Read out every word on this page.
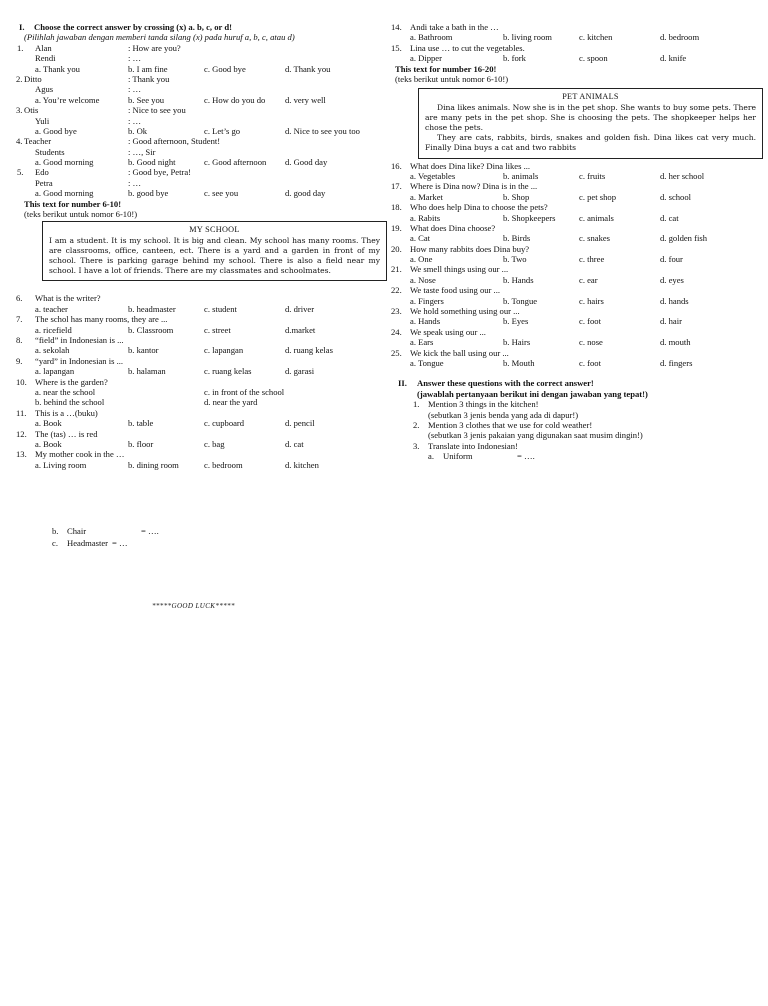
I. Choose the correct answer by crossing (x) a. b, c, or d!
(Pilihlah jawaban dengan memberi tanda silang (x) pada huruf a, b, c, atau d)
1. Alan	: How are you?
Rendi	: …
a. Thank you	b. I am fine	c. Good bye	d. Thank you
2. Ditto	: Thank you
Agus	: …
a. You’re welcome	b. See you	c. How do you do d. very well
3. Otis	: Nice to see you
Yuli	: …
a. Good bye	b. Ok	c. Let’s go	d. Nice to see you too
4. Teacher	: Good afternoon, Student!
Students	: …, Sir
a. Good morning	b. Good night	c. Good afternoon d. Good day
5. Edo	: Good bye, Petra!
Petra	: …
a. Good morning	b. good bye	c. see you	d. good day
This text for number 6-10!
(teks berikut untuk nomor 6-10!)
MY SCHOOL
I am a student. It is my school. It is big and clean. My school has many rooms. They are classrooms, office, canteen, ect. There is a yard and a garden in front of my school. There is parking garage behind my school. There is also a field near my school. I have a lot of friends. There are my classmates and schoolmates.
6. What is the writer?
a. teacher	b. headmaster	c. student	d. driver
7. The schol has many rooms, they are ...
a. ricefield	b. Classroom	c. street	d.market
8. “field” in Indonesian is ...
a. sekolah	b. kantor	c. lapangan	d. ruang kelas
9. “yard” in Indonesian is ...
a. lapangan	b. halaman	c. ruang kelas	d. garasi
10. Where is the garden?
a. near the school	c. in front of the school
b. behind the school	d. near the yard
11. This is a …(buku)
a. Book	b. table	c. cupboard	d. pencil
12. The (tas) … is red
a. Book	b. floor	c. bag	d. cat
13. My mother cook in the …
a. Living room	b. dining room	c. bedroom	d. kitchen
14. Andi take a bath in the …
a. Bathroom	b. living room	c. kitchen	d. bedroom
15. Lina use … to cut the vegetables.
a. Dipper	b. fork	c. spoon	d. knife
This text for number 16-20!
(teks berikut untuk nomor 6-10!)
PET ANIMALS
Dina likes animals. Now she is in the pet shop. She wants to buy some pets. There are many pets in the pet shop. She is choosing the pets. The shopkeeper helps her chose the pets.
They are cats, rabbits, birds, snakes and golden fish. Dina likes cat very much. Finally Dina buys a cat and two rabbits
16. What does Dina like? Dina likes ...
a. Vegetables	b. animals	c. fruits	d. her school
17. Where is Dina now? Dina is in the ...
a. Market	b. Shop	c. pet shop	d. school
18. Who does help Dina to choose the pets?
a. Rabits	b. Shopkeepers	c. animals	d. cat
19. What does Dina choose?
a. Cat	b. Birds	c. snakes	d. golden fish
20. How many rabbits does Dina buy?
a. One	b. Two	c. three	d. four
21. We smell things using our ...
a. Nose	b. Hands	c. ear	d. eyes
22. We taste food using our ...
a. Fingers	b. Tongue	c. hairs	d. hands
23. We hold something using our ...
a. Hands	b. Eyes	c. foot	d. hair
24. We speak using our ...
a. Ears	b. Hairs	c. nose	d. mouth
25. We kick the ball using our ...
a. Tongue	b. Mouth	c. foot	d. fingers
II. Answer these questions with the correct answer!
(jawablah pertanyaan berikut ini dengan jawaban yang tepat!)
1. Mention 3 things in the kitchen!
(sebutkan 3 jenis benda yang ada di dapur!)
2. Mention 3 clothes that we use for cold weather!
(sebutkan 3 jenis pakaian yang digunakan saat musim dingin!)
3. Translate into Indonesian!
a. Uniform	= ….
b. Chair	= ….
c. Headmaster = …
*****GOOD LUCK*****
